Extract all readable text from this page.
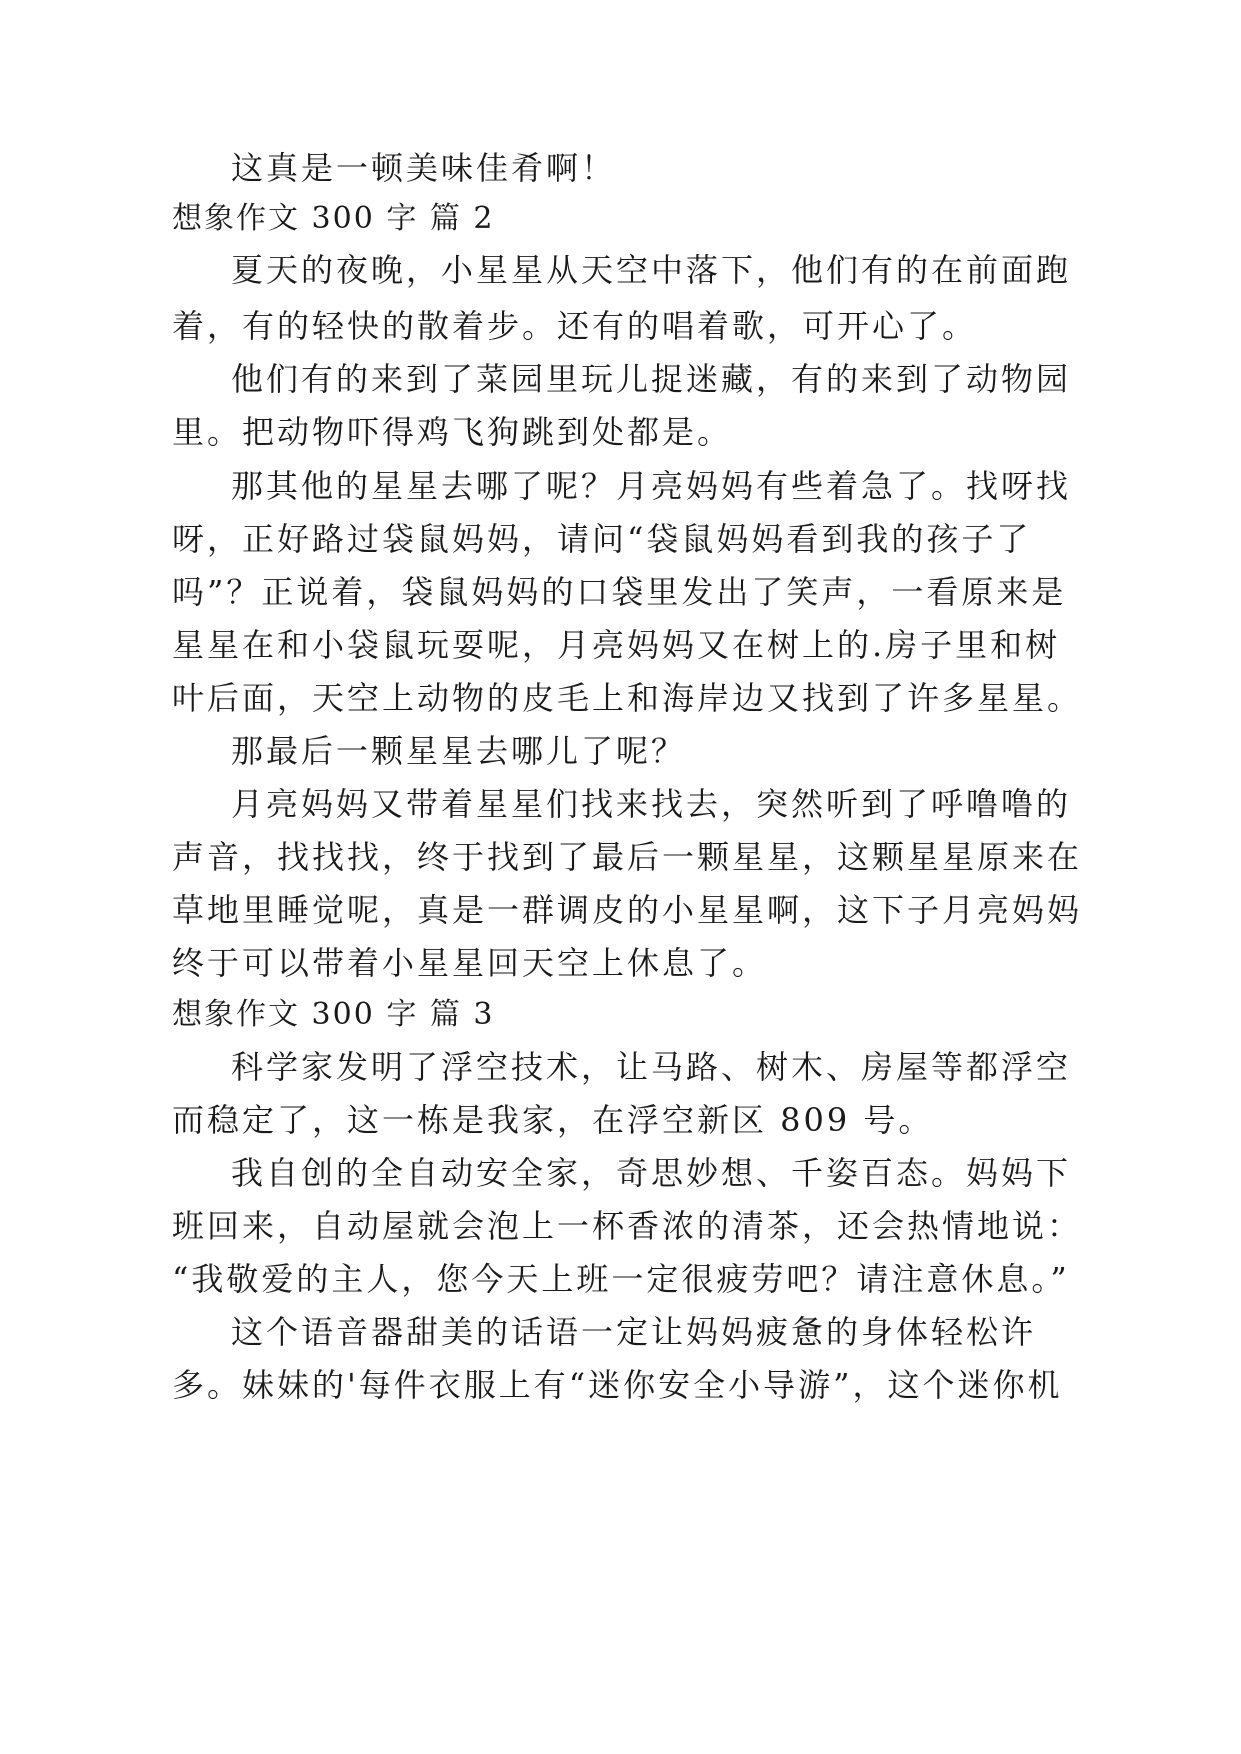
这真是一顿美味佳肴啊！
想象作文 300 字 篇 2
夏天的夜晚，小星星从天空中落下，他们有的在前面跑
着，有的轻快的散着步。还有的唱着歌，可开心了。
他们有的来到了菜园里玩儿捉迷藏，有的来到了动物园
里。把动物吓得鸡飞狗跳到处都是。
那其他的星星去哪了呢？月亮妈妈有些着急了。找呀找
呀，正好路过袋鼠妈妈，请问“袋鼠妈妈看到我的孩子了
吗”？正说着，袋鼠妈妈的口袋里发出了笑声，一看原来是
星星在和小袋鼠玩耍呢，月亮妈妈又在树上的.房子里和树
叶后面，天空上动物的皮毛上和海岸边又找到了许多星星。
那最后一颗星星去哪儿了呢？
月亮妈妈又带着星星们找来找去，突然听到了呼噜噜的
声音，找找找，终于找到了最后一颗星星，这颗星星原来在
草地里睡觉呢，真是一群调皮的小星星啊，这下子月亮妈妈
终于可以带着小星星回天空上休息了。
想象作文 300 字 篇 3
科学家发明了浮空技术，让马路、树木、房屋等都浮空
而稳定了，这一栋是我家，在浮空新区 809 号。
我自创的全自动安全家，奇思妙想、千姿百态。妈妈下
班回来，自动屋就会泡上一杯香浓的清茶，还会热情地说：
“我敬爱的主人，您今天上班一定很疲劳吧？请注意休息。”
这个语音器甜美的话语一定让妈妈疲惫的身体轻松许
多。妹妹的'每件衣服上有“迷你安全小导游”，这个迷你机
